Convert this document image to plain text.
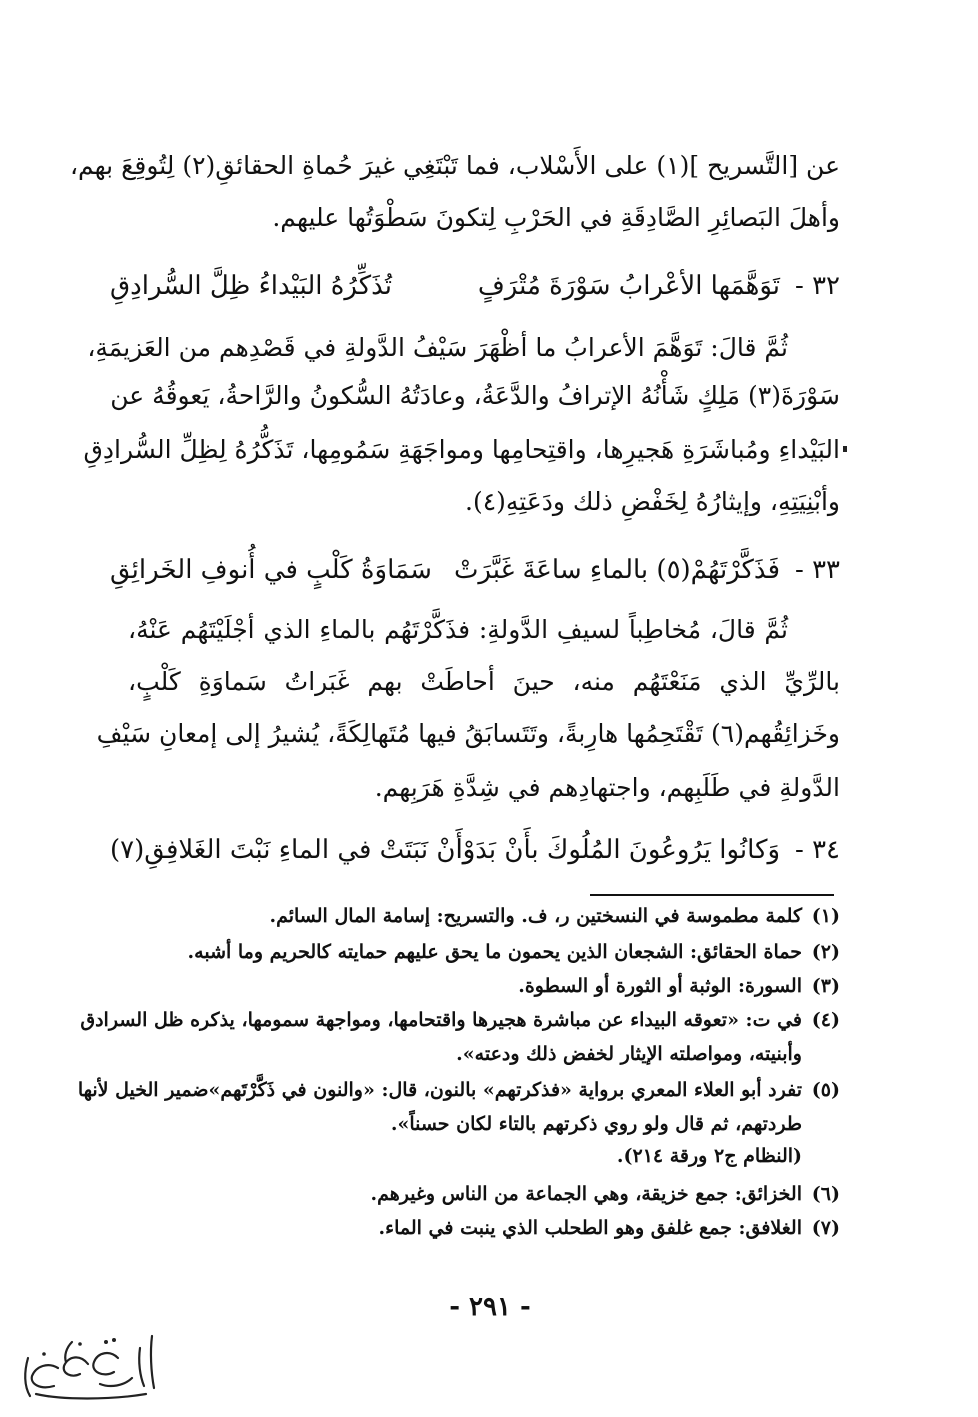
عن [التَّسريح ](١) على الأَسْلاب، فما تَبْتَغِي غيرَ حُماةِ الحقائقِ(٢) لِتُوقِعَ بهم،
وأهلَ البَصائِرِ الصَّادِقَةِ في الحَرْبِ لِتكونَ سَطْوَتُها عليهم.
٣٢ -
تَوَهَّمَها الأعْرابُ سَوْرَةَ مُتْرَفٍ
تُذَكِّرُهُ البَيْداءُ ظِلَّ السُّرادِقِ
ثُمَّ قالَ: تَوَهَّمَ الأعرابُ ما أظْهَرَ سَيْفُ الدَّولةِ في قَصْدِهم من العَزيمَةِ،
سَوْرَةَ(٣) مَلِكٍ شَأْنُهُ الإترافُ والدَّعَةُ، وعادَتُهُ السُّكونُ والرَّاحةُ، يَعوقُهُ عن
البَيْداءِ ومُباشَرَةِ هَجيرِها، واقتِحامِها ومواجَهَةِ سَمُومِها، تَذَكُّرُهُ لِظِلِّ السُّرادِقِ
وأبْنِيَتِهِ، وإيثارُهُ لِخَفْضِ ذلك ودَعَتِهِ(٤).
٣٣ -
فَذَكَّرْتَهُمْ(٥) بالماءِ ساعَةَ غَبَّرَتْ
سَمَاوَةُ كَلْبٍ في أُنوفِ الخَرائِقِ
ثُمَّ قالَ، مُخاطِباً لسيفِ الدَّولةِ: فذَكَّرْتَهُم بالماءِ الذي أجْلَيْتَهُم عَنْهُ،
بالرِّيِّ الذي مَنَعْتَهُم منه، حينَ أحاطَتْ بهم غَبَراتُ سَماوَةِ كَلْبٍ،
وخَزائِقُهم(٦) تَقْتَحِمُها هارِبةً، وتَتَسابَقُ فيها مُتَهالِكَةً، يُشيرُ إلى إمعانِ سَيْفِ
الدَّولةِ في طَلَبِهم، واجتهادِهم في شِدَّةِ هَرَبِهم.
٣٤ -
وَكانُوا يَرُوعُونَ المُلُوكَ بأَنْ بَدَوْا
وأَنْ نَبَتَتْ في الماءِ نَبْتَ الغَلافِقِ(٧)
(١)كلمة مطموسة في النسختين ر، ف. والتسريح: إسامة المال السائم.
(٢)حماة الحقائق: الشجعان الذين يحمون ما يحق عليهم حمايته كالحريم وما أشبه.
(٣)السورة: الوثبة أو الثورة أو السطوة.
(٤)في ت: «تعوقه البيداء عن مباشرة هجيرها واقتحامها، ومواجهة سمومها، يذكره ظل السرادق
وأبنيته، ومواصلته الإيثار لخفض ذلك ودعته».
(٥)تفرد أبو العلاء المعري برواية «فذكرتهم» بالنون، قال: «والنون في ذَكَّرْتَهم»ضمير الخيل لأنها
طردتهم، ثم قال ولو روي ذكرتهم بالتاء لكان حسناً».
(النظام ج٢ ورقة ٢١٤).
(٦)الخزائق: جمع خزيقة، وهي الجماعة من الناس وغيرهم.
(٧)الغلافق: جمع غلفق وهو الطحلب الذي ينبت في الماء.
- ٢٩١ -
